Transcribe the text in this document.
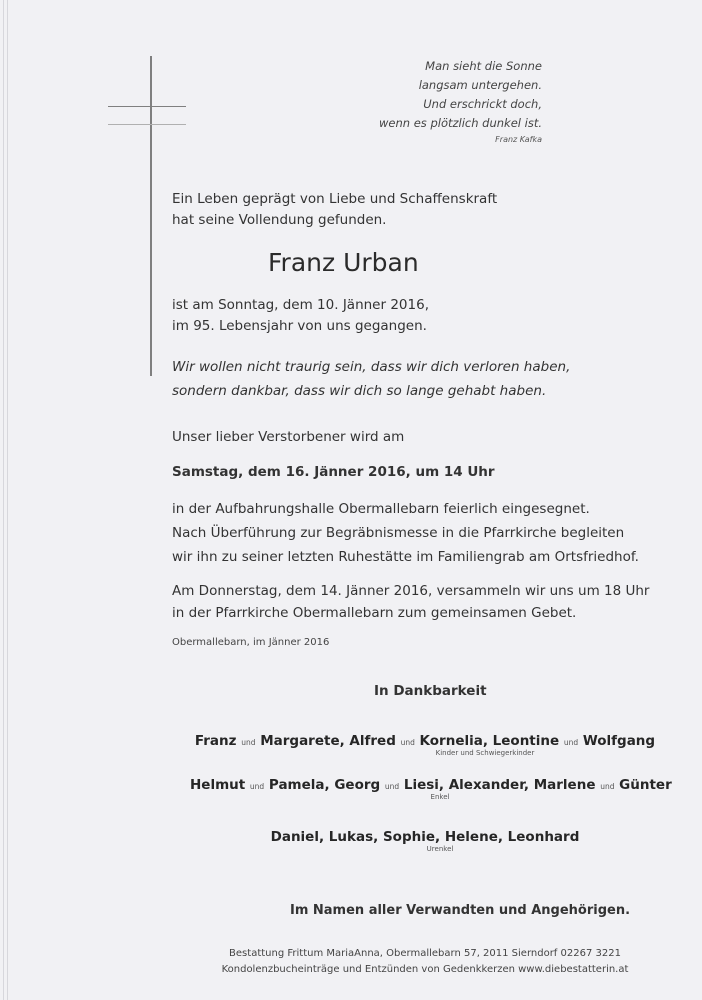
Man sieht die Sonne
langsam untergehen.
Und erschrickt doch,
wenn es plötzlich dunkel ist.
Franz Kafka
Ein Leben geprägt von Liebe und Schaffenskraft
hat seine Vollendung gefunden.
Franz Urban
ist am Sonntag, dem 10. Jänner 2016,
im 95. Lebensjahr von uns gegangen.
Wir wollen nicht traurig sein, dass wir dich verloren haben,
sondern dankbar, dass wir dich so lange gehabt haben.
Unser lieber Verstorbener wird am
Samstag, dem 16. Jänner 2016, um 14 Uhr
in der Aufbahrungshalle Obermallebarn feierlich eingesegnet.
Nach Überführung zur Begräbnismesse in die Pfarrkirche begleiten
wir ihn zu seiner letzten Ruhestätte im Familiengrab am Ortsfriedhof.
Am Donnerstag, dem 14. Jänner 2016, versammeln wir uns um 18 Uhr
in der Pfarrkirche Obermallebarn zum gemeinsamen Gebet.
Obermallebarn, im Jänner 2016
In Dankbarkeit
Franz und Margarete, Alfred und Kornelia, Leontine und Wolfgang
Kinder und Schwiegerkinder
Helmut und Pamela, Georg und Liesi, Alexander, Marlene und Günter
Enkel
Daniel, Lukas, Sophie, Helene, Leonhard
Urenkel
Im Namen aller Verwandten und Angehörigen.
Bestattung Frittum MariaAnna, Obermallebarn 57, 2011 Sierndorf 02267 3221
Kondolenzbucheinträge und Entzünden von Gedenkkerzen www.diebestatterin.at
